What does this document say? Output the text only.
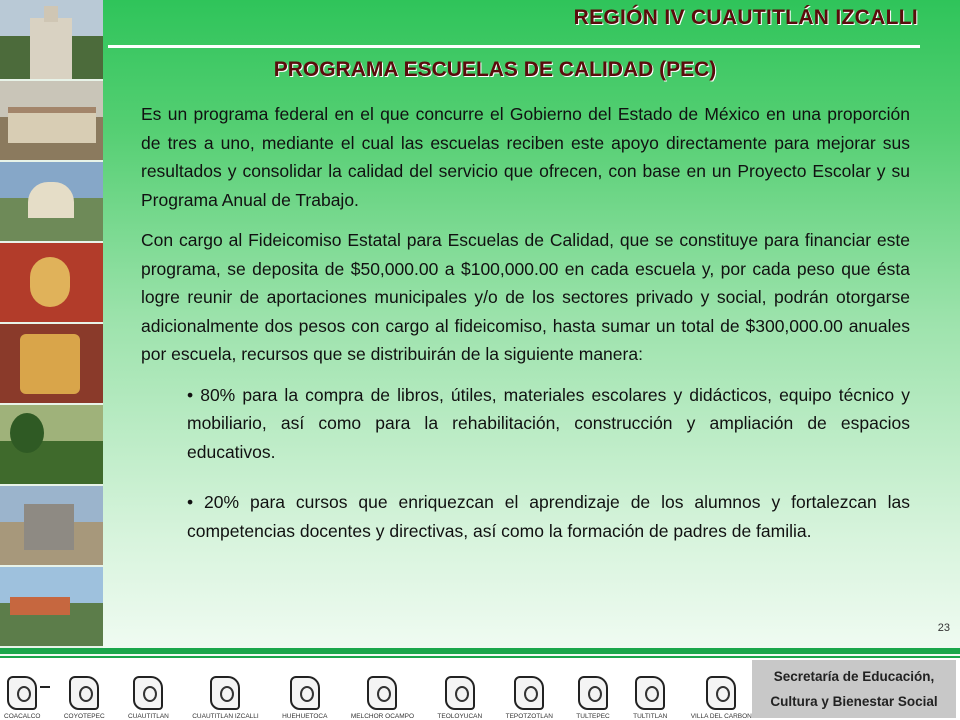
REGIÓN IV CUAUTITLÁN IZCALLI
PROGRAMA ESCUELAS DE CALIDAD (PEC)

Es un programa federal en el que concurre el Gobierno del Estado de México en una proporción de tres a uno, mediante el cual las escuelas reciben este apoyo directamente para mejorar sus resultados y consolidar la calidad del servicio que ofrecen, con base en un Proyecto Escolar y su Programa Anual de Trabajo.

Con cargo al Fideicomiso Estatal para Escuelas de Calidad, que se constituye para financiar este programa, se deposita de $50,000.00 a $100,000.00 en cada escuela y, por cada peso que ésta logre reunir de aportaciones municipales y/o de los sectores privado y social, podrán otorgarse adicionalmente dos pesos con cargo al fideicomiso, hasta sumar un total de $300,000.00 anuales por escuela, recursos que se distribuirán de la siguiente manera:

• 80% para la compra de libros, útiles, materiales escolares y didácticos, equipo técnico y mobiliario, así como para la rehabilitación, construcción y ampliación de espacios educativos.
• 20% para cursos que enriquezcan el aprendizaje de los alumnos y fortalezcan las competencias docentes y directivas, así como la formación de padres de familia.
23
COACALCO	COYOTEPEC	CUAUTITLAN	CUAUTITLAN IZCALLI	HUEHUETOCA	MELCHOR OCAMPO	TEOLOYUCAN	TEPOTZOTLAN	TULTEPEC	TULTITLAN	VILLA DEL CARBON
Secretaría de Educación,
Cultura y Bienestar Social
